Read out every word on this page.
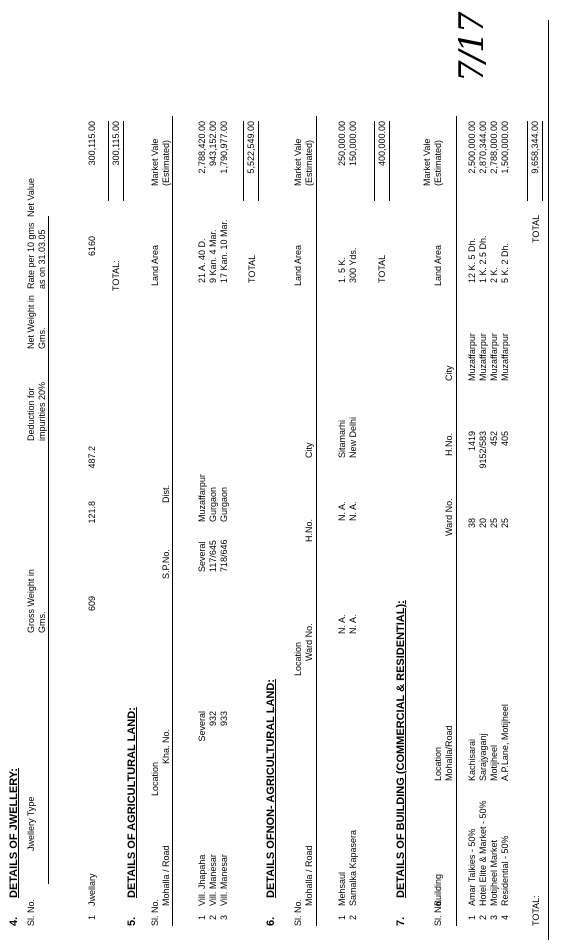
7/17
4.DETAILS OF JWELLERY:
Sl. No.
Jwellery Type
Gross Weight in Gms.
Deduction for impurities 20%
Net Weight in Gms.
Rate per 10 gms as on 31.03.05
Net Value
1
Jwellary
609
121.8
487.2
6160
300,115.00
TOTAL:
300,115.00
5.DETAILS OF AGRICULTURAL LAND:
Sl. No.
Mohalla / Road
Location
Kha. No.
S.P.No.
Dist.
Land Area
Market Vale (Estimated)
1
Vill. Jhapaha
Several
Several
Muzaffarpur
21 A. 40 D.
2,788,420.00
2
Vill. Manesar
932
117/645
Gurgaon
9 Kan. 4 Mar.
943,152.00
3
Vill. Manesar
933
718/646
Gurgaon
17 Kan. 10 Mar.
1,790,977.00
TOTAL
5,522,549.00
6.DETAILS OFNON- AGRICULTURAL LAND:
Sl. No.
Mohalla / Road
Location Ward No.
H.No.
City
Land Area
Market Vale (Estimated)
1
Mehsaul
N. A.
N. A.
Sitamarhi
1. 5 K.
250,000.00
2
Samalka Kapasera
N. A.
N. A.
New Delhi
300 Yds.
150,000.00
TOTAL
400,000.00
7.DETAILS OF BUILDING (COMMERCIAL & RESIDENTIAL):
Sl. No.
Building
Location Mohalla/Road
Ward No.
H.No.
City
Land Area
Market Vale (Estimated)
1
Amar Talkies - 50%
Kachisarai
38
1419
Muzaffarpur
12 K. 5 Dh.
2,500,000.00
2
Hotel Elite & Market - 50%
Sarajyaganj
20
9152/583
Muzaffarpur
1 K. 2.5 Dh.
2,870,344.00
3
Motijheel Market
Motijheel
25
452
Muzaffarpur
2 K.
2,788,000.00
4
Residential - 50%
A.P.Lane, Motijheel
25
405
Muzaffarpur
5 K. 2 Dh.
1,500,000.00
TOTAL:
TOTAL
9,658,344.00
